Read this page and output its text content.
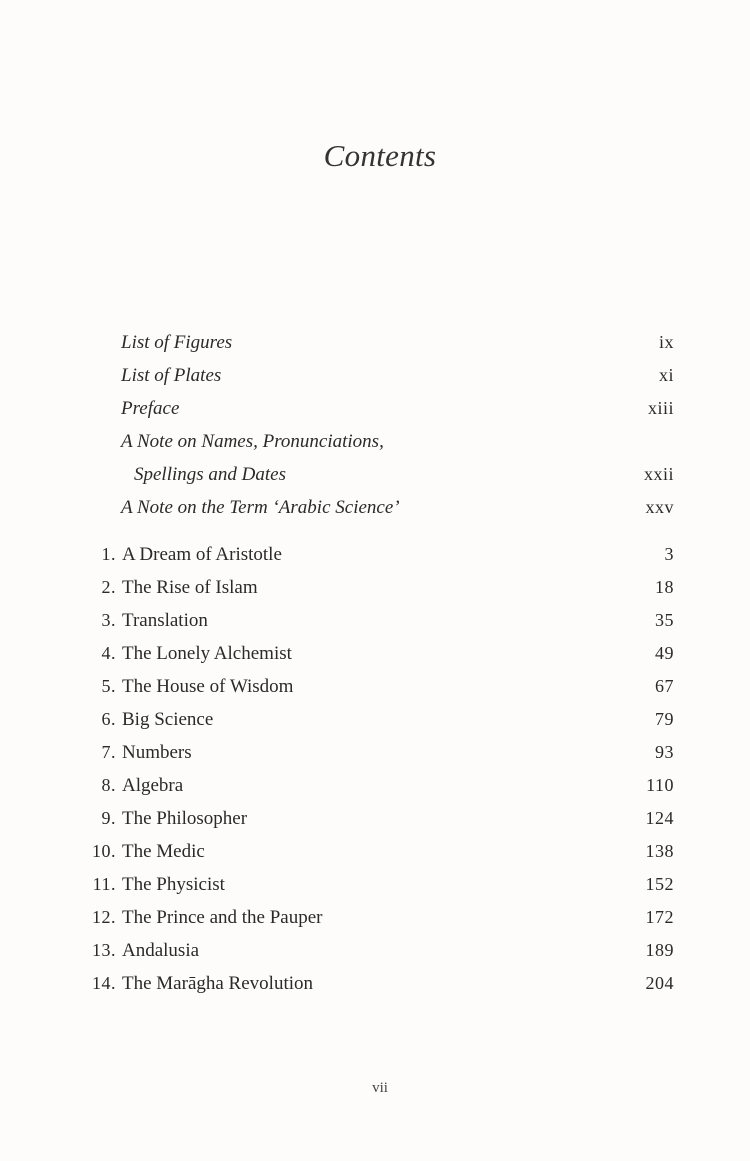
Contents
List of Figures	ix
List of Plates	xi
Preface	xiii
A Note on Names, Pronunciations,
Spellings and Dates	xxii
A Note on the Term ‘Arabic Science’	xxv
1. A Dream of Aristotle	3
2. The Rise of Islam	18
3. Translation	35
4. The Lonely Alchemist	49
5. The House of Wisdom	67
6. Big Science	79
7. Numbers	93
8. Algebra	110
9. The Philosopher	124
10. The Medic	138
11. The Physicist	152
12. The Prince and the Pauper	172
13. Andalusia	189
14. The Marāgha Revolution	204
vii
